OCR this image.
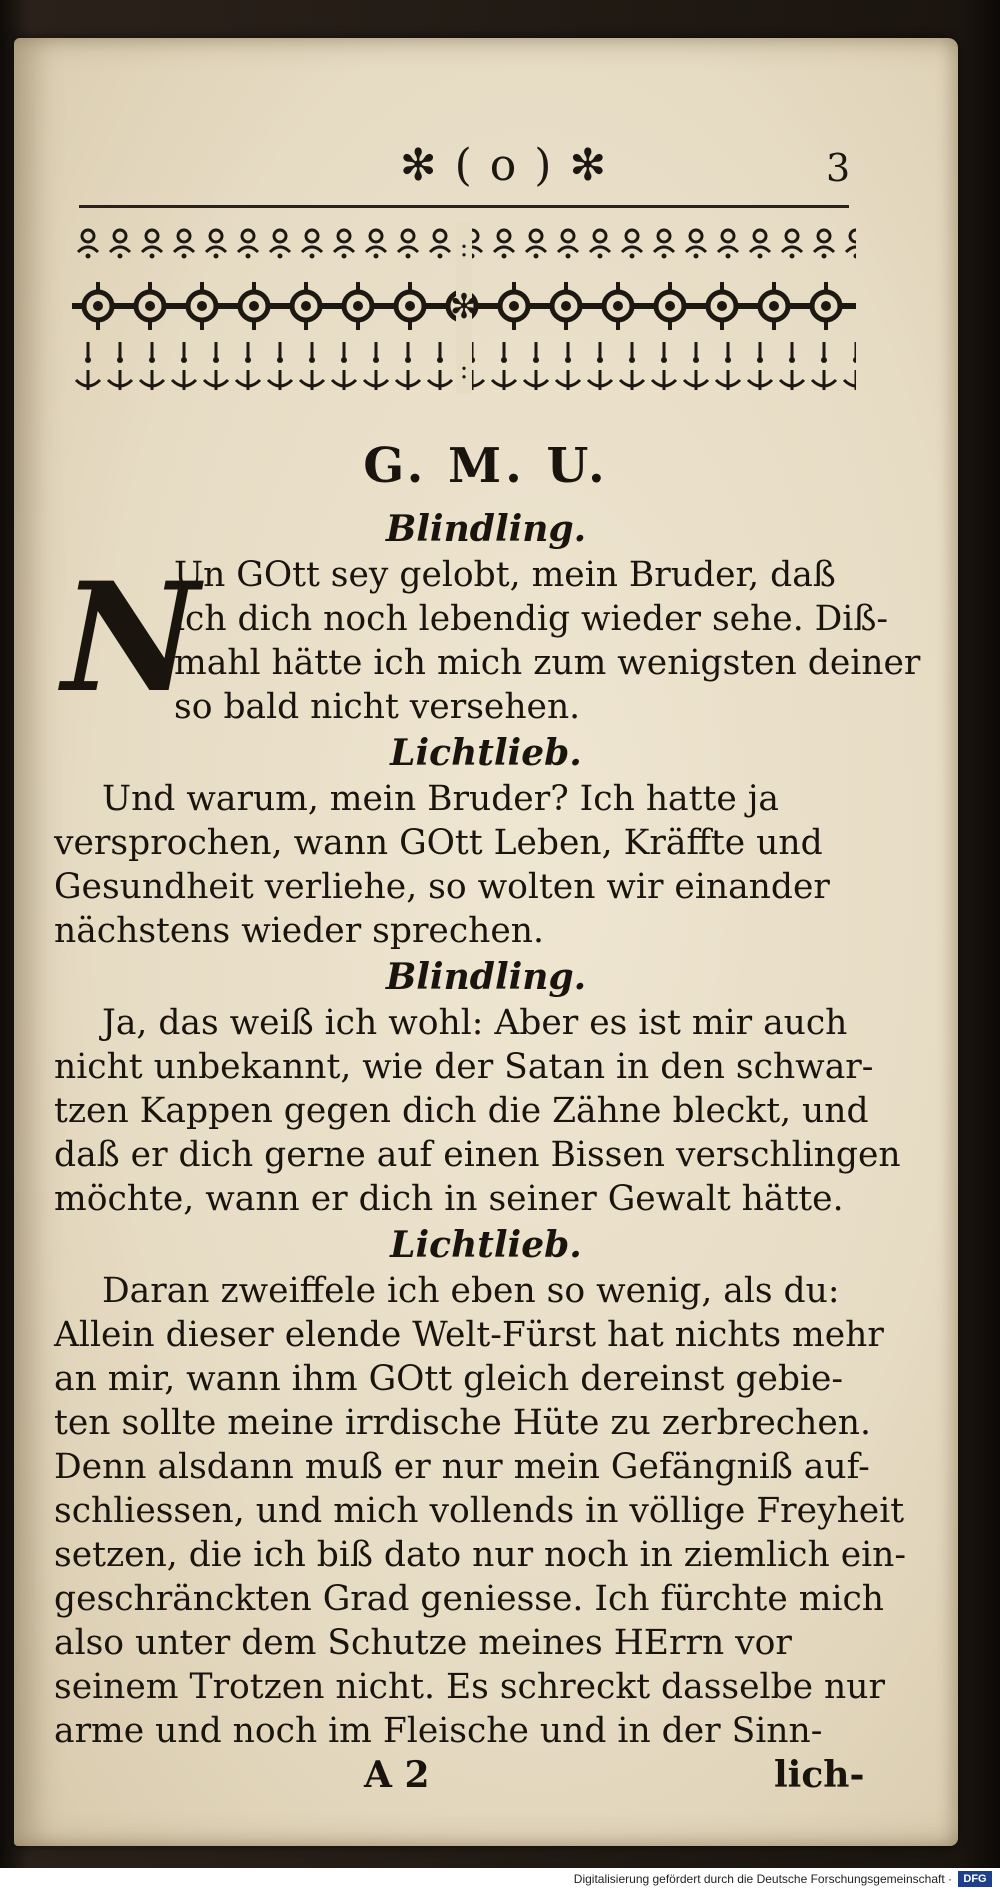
✻ ( o ) ✻	3
:
✻
:
G. M. U.
Blindling.
N
Un GOtt sey gelobt, mein Bruder, daß
ich dich noch lebendig wieder sehe. Diß-
mahl hätte ich mich zum wenigsten deiner
so bald nicht versehen.
Lichtlieb.
Und warum, mein Bruder? Ich hatte ja
versprochen, wann GOtt Leben, Kräffte und
Gesundheit verliehe, so wolten wir einander
nächstens wieder sprechen.
Blindling.
Ja, das weiß ich wohl: Aber es ist mir auch
nicht unbekannt, wie der Satan in den schwar-
tzen Kappen gegen dich die Zähne bleckt, und
daß er dich gerne auf einen Bissen verschlingen
möchte, wann er dich in seiner Gewalt hätte.
Lichtlieb.
Daran zweiffele ich eben so wenig, als du:
Allein dieser elende Welt-Fürst hat nichts mehr
an mir, wann ihm GOtt gleich dereinst gebie-
ten sollte meine irrdische Hüte zu zerbrechen.
Denn alsdann muß er nur mein Gefängniß auf-
schliessen, und mich vollends in völlige Freyheit
setzen, die ich biß dato nur noch in ziemlich ein-
geschränckten Grad geniesse. Ich fürchte mich
also unter dem Schutze meines HErrn vor
seinem Trotzen nicht. Es schreckt dasselbe nur
arme und noch im Fleische und in der Sinn-
A 2	lich-
Digitalisierung gefördert durch die Deutsche Forschungsgemeinschaft ·	DFG
